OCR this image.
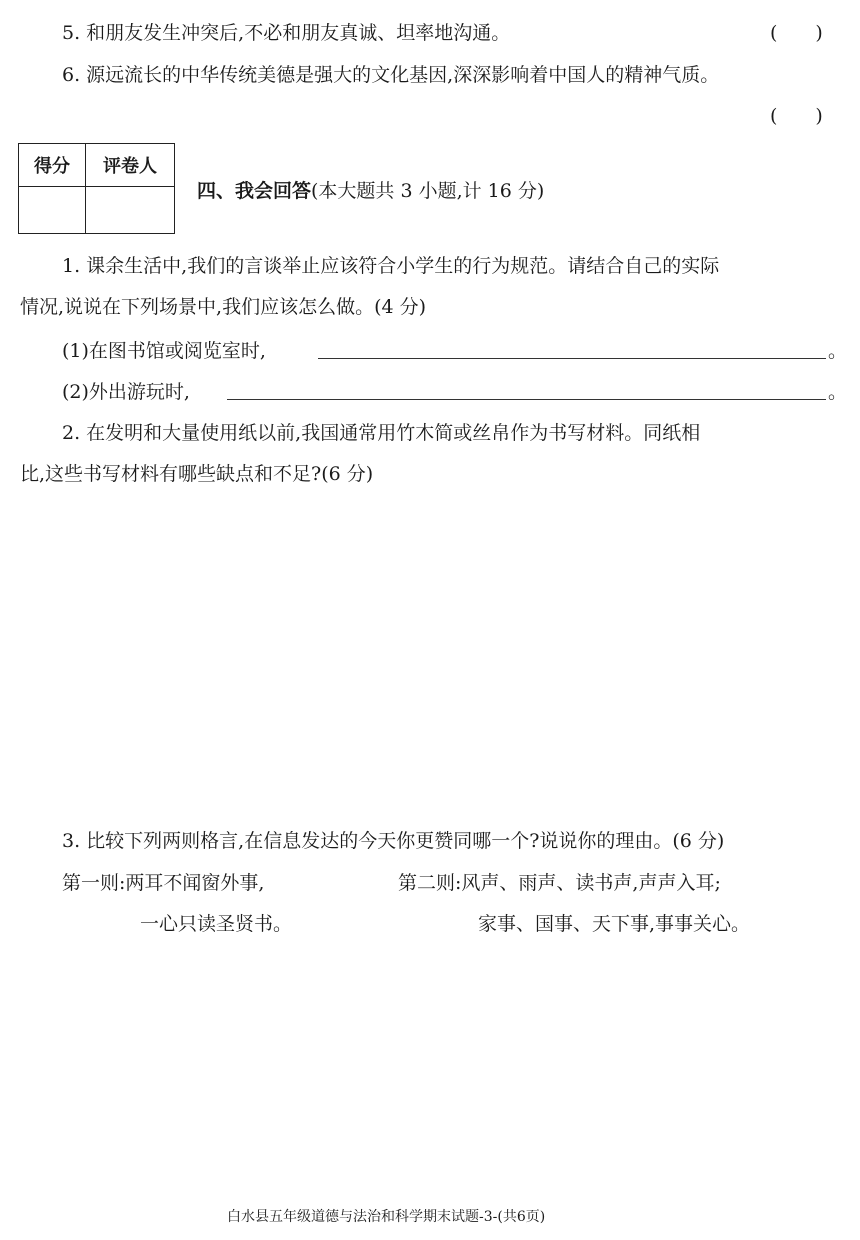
5. 和朋友发生冲突后,不必和朋友真诚、坦率地沟通。	(　　)
6. 源远流长的中华传统美德是强大的文化基因,深深影响着中国人的精神气质。
(　　)
得分	评卷人

四、我会回答(本大题共 3 小题,计 16 分)
1. 课余生活中,我们的言谈举止应该符合小学生的行为规范。请结合自己的实际
情况,说说在下列场景中,我们应该怎么做。(4 分)
(1)在图书馆或阅览室时,	。
(2)外出游玩时,	。
2. 在发明和大量使用纸以前,我国通常用竹木简或丝帛作为书写材料。同纸相
比,这些书写材料有哪些缺点和不足?(6 分)
3. 比较下列两则格言,在信息发达的今天你更赞同哪一个?说说你的理由。(6 分)
第一则:两耳不闻窗外事,
一心只读圣贤书。
第二则:风声、雨声、读书声,声声入耳;
家事、国事、天下事,事事关心。
白水县五年级道德与法治和科学期末试题-3-(共6页)
